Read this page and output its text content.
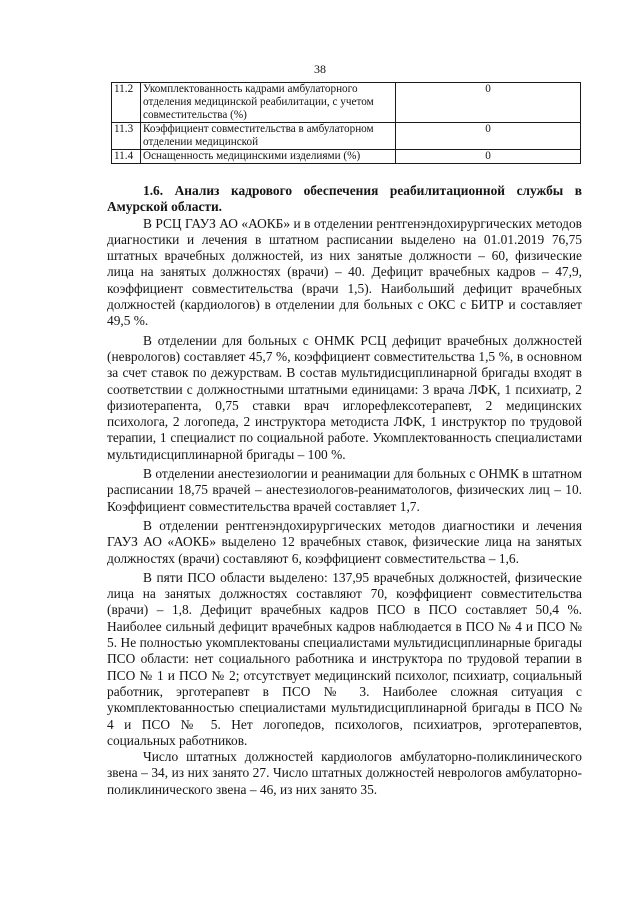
38
11.2	Укомплектованность кадрами амбулаторного отделения медицинской реабилитации, с учетом совместительства (%)	0
11.3	Коэффициент совместительства в амбулаторном отделении медицинской	0
11.4	Оснащенность медицинскими изделиями (%)	0

1.6. Анализ кадрового обеспечения реабилитационной службы в Амурской области.

В РСЦ ГАУЗ АО «АОКБ» и в отделении рентгенэндохирургических методов диагностики и лечения в штатном расписании выделено на 01.01.2019 76,75 штатных врачебных должностей, из них занятые должности – 60, физические лица на занятых должностях (врачи) – 40. Дефицит врачебных кадров – 47,9, коэффициент совместительства (врачи 1,5). Наибольший дефицит врачебных должностей (кардиологов) в отделении для больных с ОКС с БИТР и составляет 49,5 %.

В отделении для больных с ОНМК РСЦ дефицит врачебных должностей (неврологов) составляет 45,7 %, коэффициент совместительства 1,5 %, в основном за счет ставок по дежурствам. В состав мультидисциплинарной бригады входят в соответствии с должностными штатными единицами: 3 врача ЛФК, 1 психиатр, 2 физиотерапента, 0,75 ставки врач иглорефлексотерапевт, 2 медицинских психолога, 2 логопеда, 2 инструктора методиста ЛФК, 1 инструктор по трудовой терапии, 1 специалист по социальной работе. Укомплектованность специалистами мультидисциплинарной бригады – 100 %.

В отделении анестезиологии и реанимации для больных с ОНМК в штатном расписании 18,75 врачей – анестезиологов-реаниматологов, физических лиц – 10. Коэффициент совместительства врачей составляет 1,7.

В отделении рентгенэндохирургических методов диагностики и лечения ГАУЗ АО «АОКБ» выделено 12 врачебных ставок, физические лица на занятых должностях (врачи) составляют 6, коэффициент совместительства – 1,6.

В пяти ПСО области выделено: 137,95 врачебных должностей, физические лица на занятых должностях составляют 70, коэффициент совместительства (врачи) – 1,8. Дефицит врачебных кадров ПСО в ПСО составляет 50,4 %. Наиболее сильный дефицит врачебных кадров наблюдается в ПСО № 4 и ПСО № 5. Не полностью укомплектованы специалистами мультидисциплинарные бригады ПСО области: нет социального работника и инструктора по трудовой терапии в ПСО № 1 и ПСО № 2; отсутствует медицинский психолог, психиатр, социальный работник, эрготерапевт в ПСО № 3. Наиболее сложная ситуация с укомплектованностью специалистами мультидисциплинарной бригады в ПСО № 4 и ПСО № 5. Нет логопедов, психологов, психиатров, эрготерапевтов, социальных работников.

Число штатных должностей кардиологов амбулаторно-поликлинического звена – 34, из них занято 27. Число штатных должностей неврологов амбулаторно-поликлинического звена – 46, из них занято 35.
